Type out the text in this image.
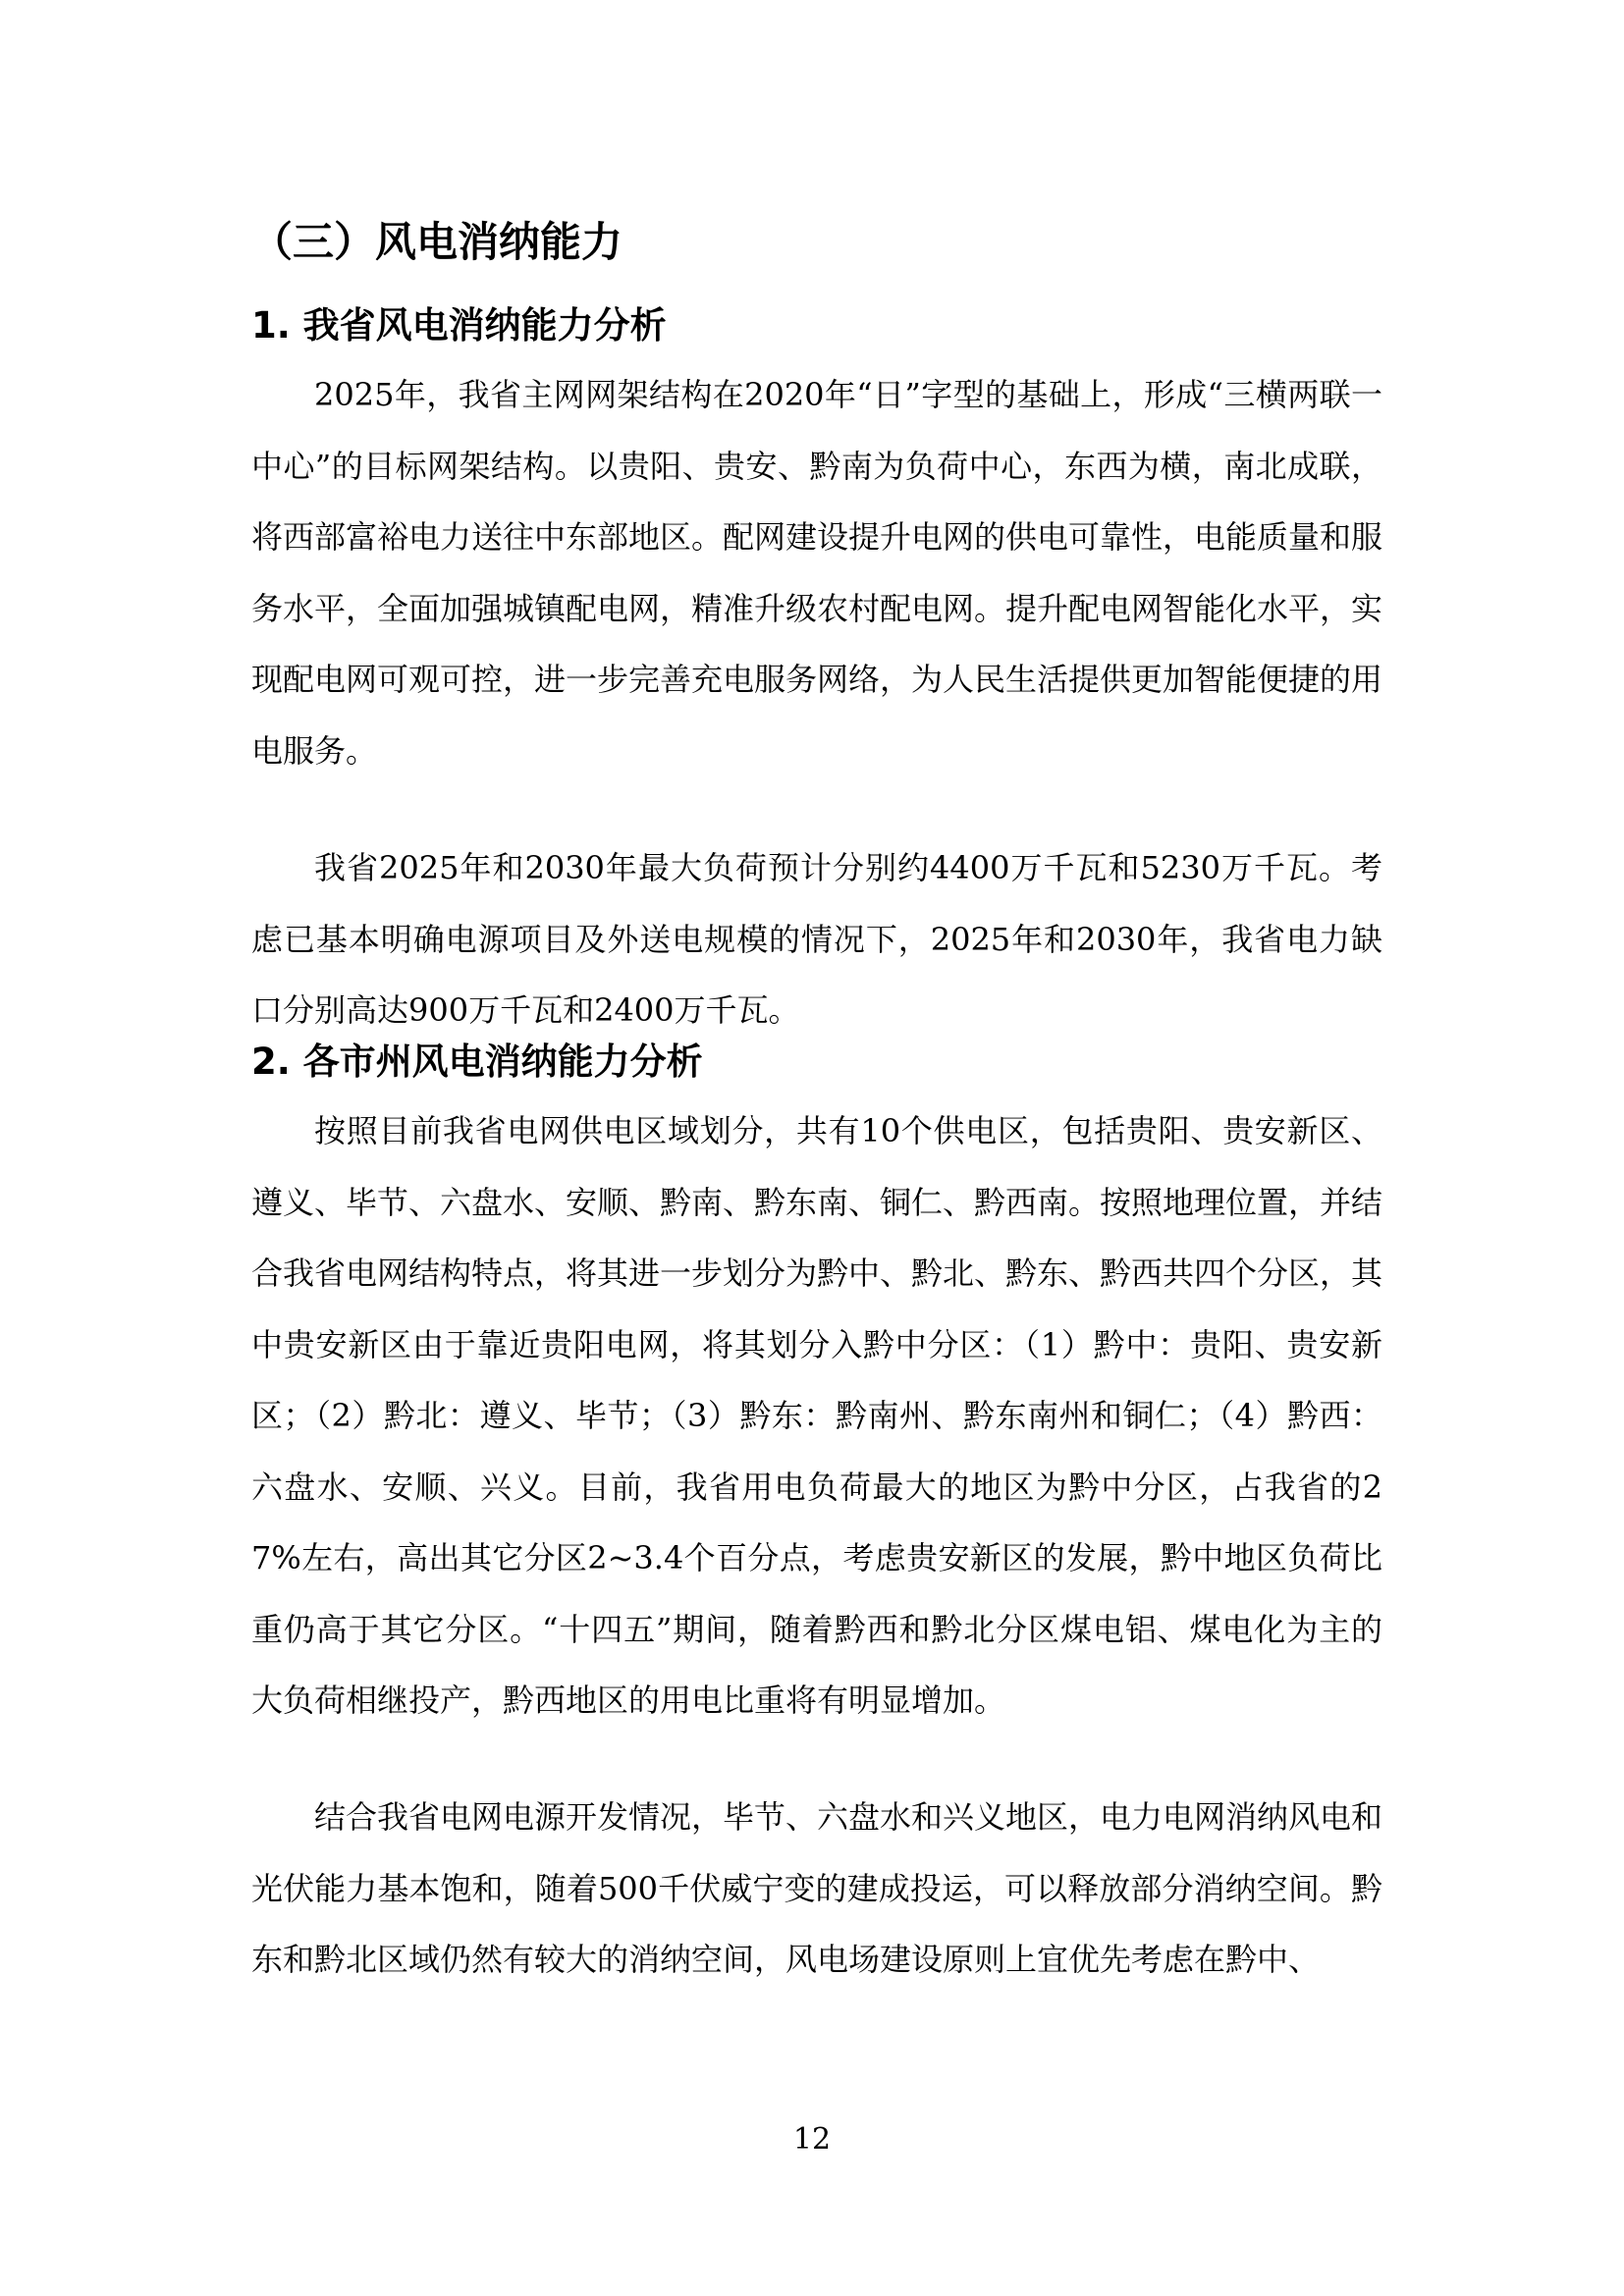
（三）风电消纳能力
1. 我省风电消纳能力分析

2025年，我省主网网架结构在2020年“日”字型的基础上，形成“三横两联一中心”的目标网架结构。以贵阳、贵安、黔南为负荷中心，东西为横，南北成联，将西部富裕电力送往中东部地区。配网建设提升电网的供电可靠性，电能质量和服务水平，全面加强城镇配电网，精准升级农村配电网。提升配电网智能化水平，实现配电网可观可控，进一步完善充电服务网络，为人民生活提供更加智能便捷的用电服务。

我省2025年和2030年最大负荷预计分别约4400万千瓦和5230万千瓦。考虑已基本明确电源项目及外送电规模的情况下，2025年和2030年，我省电力缺口分别高达900万千瓦和2400万千瓦。

2. 各市州风电消纳能力分析

按照目前我省电网供电区域划分，共有10个供电区，包括贵阳、贵安新区、遵义、毕节、六盘水、安顺、黔南、黔东南、铜仁、黔西南。按照地理位置，并结合我省电网结构特点，将其进一步划分为黔中、黔北、黔东、黔西共四个分区，其中贵安新区由于靠近贵阳电网，将其划分入黔中分区：（1）黔中：贵阳、贵安新区；（2）黔北：遵义、毕节；（3）黔东：黔南州、黔东南州和铜仁；（4）黔西：六盘水、安顺、兴义。目前，我省用电负荷最大的地区为黔中分区，占我省的27%左右，高出其它分区2~3.4个百分点，考虑贵安新区的发展，黔中地区负荷比重仍高于其它分区。“十四五”期间，随着黔西和黔北分区煤电铝、煤电化为主的大负荷相继投产，黔西地区的用电比重将有明显增加。

结合我省电网电源开发情况，毕节、六盘水和兴义地区，电力电网消纳风电和光伏能力基本饱和，随着500千伏威宁变的建成投运，可以释放部分消纳空间。黔东和黔北区域仍然有较大的消纳空间，风电场建设原则上宜优先考虑在黔中、

12
